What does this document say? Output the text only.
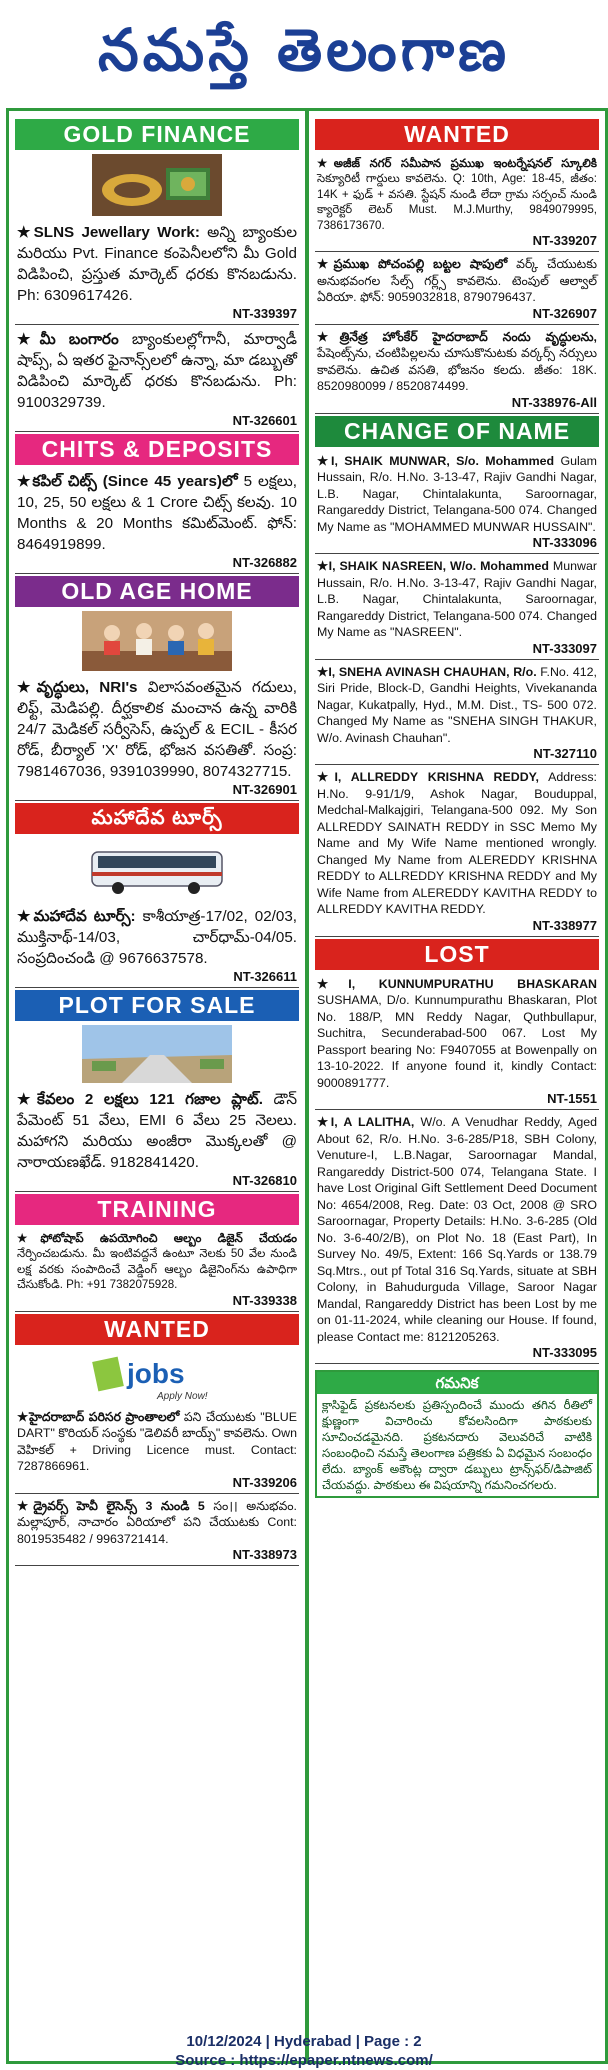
నమస్తే తెలంగాణ
GOLD FINANCE
★SLNS Jewellary Work: అన్ని బ్యాంకుల మరియు Pvt. Finance కంపెనీలలోని మీ Gold విడిపించి, ప్రస్తుత మార్కెట్ ధరకు కొనబడును. Ph: 6309617426.
NT-339397
★మీ బంగారం బ్యాంకులల్లోగానీ, మార్వాడీ షాప్స్, ఏ ఇతర ఫైనాన్స్‌లలో ఉన్నా, మా డబ్బుతో విడిపించి మార్కెట్ ధరకు కొనబడును. Ph: 9100329739.
NT-326601
CHITS & DEPOSITS
★కపిల్ చిట్స్ (Since 45 years)లో 5 లక్షలు, 10, 25, 50 లక్షలు & 1 Crore చిట్స్ కలవు. 10 Months & 20 Months కమిట్‌మెంట్. ఫోన్: 8464919899.
NT-326882
OLD AGE HOME
★వృద్ధులు, NRI's విలాసవంతమైన గదులు, లిఫ్ట్, మెడిపల్లి. దీర్ఘకాలిక మంచాన ఉన్న వారికి 24/7 మెడికల్ సర్వీసెస్, ఉప్పల్ & ECIL - కీసర రోడ్, బీర్యాల్ 'X' రోడ్, భోజన వసతితో. సంప్ర: 7981467036, 9391039990, 8074327715.
NT-326901
మహాదేవ టూర్స్
★మహాదేవ టూర్స్: కాశీయాత్ర-17/02, 02/03, ముక్తినాథ్-14/03, చార్‌ధామ్-04/05. సంప్రదించండి @ 9676637578.
NT-326611
PLOT FOR SALE
★కేవలం 2 లక్షలు 121 గజాల ప్లాట్. డౌన్ పేమెంట్ 51 వేలు, EMI 6 వేలు 25 నెలలు. మహాగని మరియు అంజీరా మొక్కలతో @ నారాయణఖేడ్. 9182841420.
NT-326810
TRAINING
★ఫోటోషాప్ ఉపయోగించి ఆల్బం డిజైన్ చేయడం నేర్పించబడును. మీ ఇంటివద్దనే ఉంటూ నెలకు 50 వేల నుండి లక్ష వరకు సంపాదించే వెడ్డింగ్ ఆల్బం డిజైనింగ్‌ను ఉపాధిగా చేసుకోండి. Ph: +91 7382075928.
NT-339338
WANTED
jobs
Apply Now!
★హైదరాబాద్ పరిసర ప్రాంతాలలో పని చేయుటకు "BLUE DART" కొరియర్ సంస్థకు "డెలివరీ బాయ్స్" కావలెను. Own వెహికల్ + Driving Licence must. Contact: 7287866961.
NT-339206
★డ్రైవర్స్ హెవీ లైసెన్స్ 3 నుండి 5 సం।। అనుభవం. మల్లాపూర్, నాచారం ఏరియాలో పని చేయుటకు Cont: 8019535482 / 9963721414.
NT-338973
WANTED
★అజీజ్ నగర్ సమీపాన ప్రముఖ ఇంటర్నేషనల్ స్కూలికి సెక్యూరిటీ గార్డులు కావలెను. Q: 10th, Age: 18-45, జీతం: 14K + ఫుడ్ + వసతి. స్టేషన్ నుండి లేదా గ్రామ సర్పంచ్ నుండి క్యారెక్టర్ లెటర్ Must. M.J.Murthy, 9849079995, 7386173670.
NT-339207
★ప్రముఖ పోచంపల్లి బట్టల షాపులో వర్క్ చేయుటకు అనుభవంగల సేల్స్ గర్ల్స్ కావలెను. టెంపుల్ ఆల్వాల్ ఏరియా. ఫోన్: 9059032818, 8790796437.
NT-326907
★త్రినేత్ర హోంకేర్ హైదరాబాద్ నందు వృద్ధులను, పేషెంట్స్‌ను, చంటిపిల్లలను చూసుకొనుటకు వర్కర్స్ నర్సులు కావలెను. ఉచిత వసతి, భోజనం కలదు. జీతం: 18K. 8520980099 / 8520874499.
NT-338976-All
CHANGE OF NAME
★I, SHAIK MUNWAR, S/o. Mohammed Gulam Hussain, R/o. H.No. 3-13-47, Rajiv Gandhi Nagar, L.B. Nagar, Chintalakunta, Saroornagar, Rangareddy District, Telangana-500 074. Changed My Name as "MOHAMMED MUNWAR HUSSAIN".
NT-333096
★I, SHAIK NASREEN, W/o. Mohammed Munwar Hussain, R/o. H.No. 3-13-47, Rajiv Gandhi Nagar, L.B. Nagar, Chintalakunta, Saroornagar, Rangareddy District, Telangana-500 074. Changed My Name as "NASREEN".
NT-333097
★I, SNEHA AVINASH CHAUHAN, R/o. F.No. 412, Siri Pride, Block-D, Gandhi Heights, Vivekananda Nagar, Kukatpally, Hyd., M.M. Dist., TS- 500 072. Changed My Name as "SNEHA SINGH THAKUR, W/o. Avinash Chauhan".
NT-327110
★I, ALLREDDY KRISHNA REDDY, Address: H.No. 9-91/1/9, Ashok Nagar, Bouduppal, Medchal-Malkajgiri, Telangana-500 092. My Son ALLREDDY SAINATH REDDY in SSC Memo My Name and My Wife Name mentioned wrongly. Changed My Name from ALEREDDY KRISHNA REDDY to ALLREDDY KRISHNA REDDY and My Wife Name from ALEREDDY KAVITHA REDDY to ALLREDDY KAVITHA REDDY.
NT-338977
LOST
★I, KUNNUMPURATHU BHASKARAN SUSHAMA, D/o. Kunnumpurathu Bhaskaran, Plot No. 188/P, MN Reddy Nagar, Quthbullapur, Suchitra, Secunderabad-500 067. Lost My Passport bearing No: F9407055 at Bowenpally on 13-10-2022. If anyone found it, kindly Contact: 9000891777.
NT-1551
★I, A LALITHA, W/o. A Venudhar Reddy, Aged About 62, R/o. H.No. 3-6-285/P18, SBH Colony, Venuture-I, L.B.Nagar, Saroornagar Mandal, Rangareddy District-500 074, Telangana State. I have Lost Original Gift Settlement Deed Document No: 4654/2008, Reg. Date: 03 Oct, 2008 @ SRO Saroornagar, Property Details: H.No. 3-6-285 (Old No. 3-6-40/2/B), on Plot No. 18 (East Part), In Survey No. 49/5, Extent: 166 Sq.Yards or 138.79 Sq.Mtrs., out pf Total 316 Sq.Yards, situate at SBH Colony, in Bahudurguda Village, Saroor Nagar Mandal, Rangareddy District has been Lost by me on 01-11-2024, while cleaning our House. If found, please Contact me: 8121205263.
NT-333095
గమనిక
క్లాసిఫైడ్ ప్రకటనలకు ప్రతిస్పందించే ముందు తగిన రీతిలో క్షుణ్ణంగా విచారించు కోవలసిందిగా పాఠకులకు సూచించడమైనది. ప్రకటనదారు వెలువరిచే వాటికి సంబంధించి నమస్తే తెలంగాణ పత్రికకు ఏ విధమైన సంబంధం లేదు. బ్యాంక్ అకౌంట్ల ద్వారా డబ్బులు ట్రాన్స్‌ఫర్/డిపాజిట్ చేయవద్దు. పాఠకులు ఈ విషయాన్ని గమనించగలరు.
10/12/2024 | Hyderabad | Page : 2
Source : https://epaper.ntnews.com/
